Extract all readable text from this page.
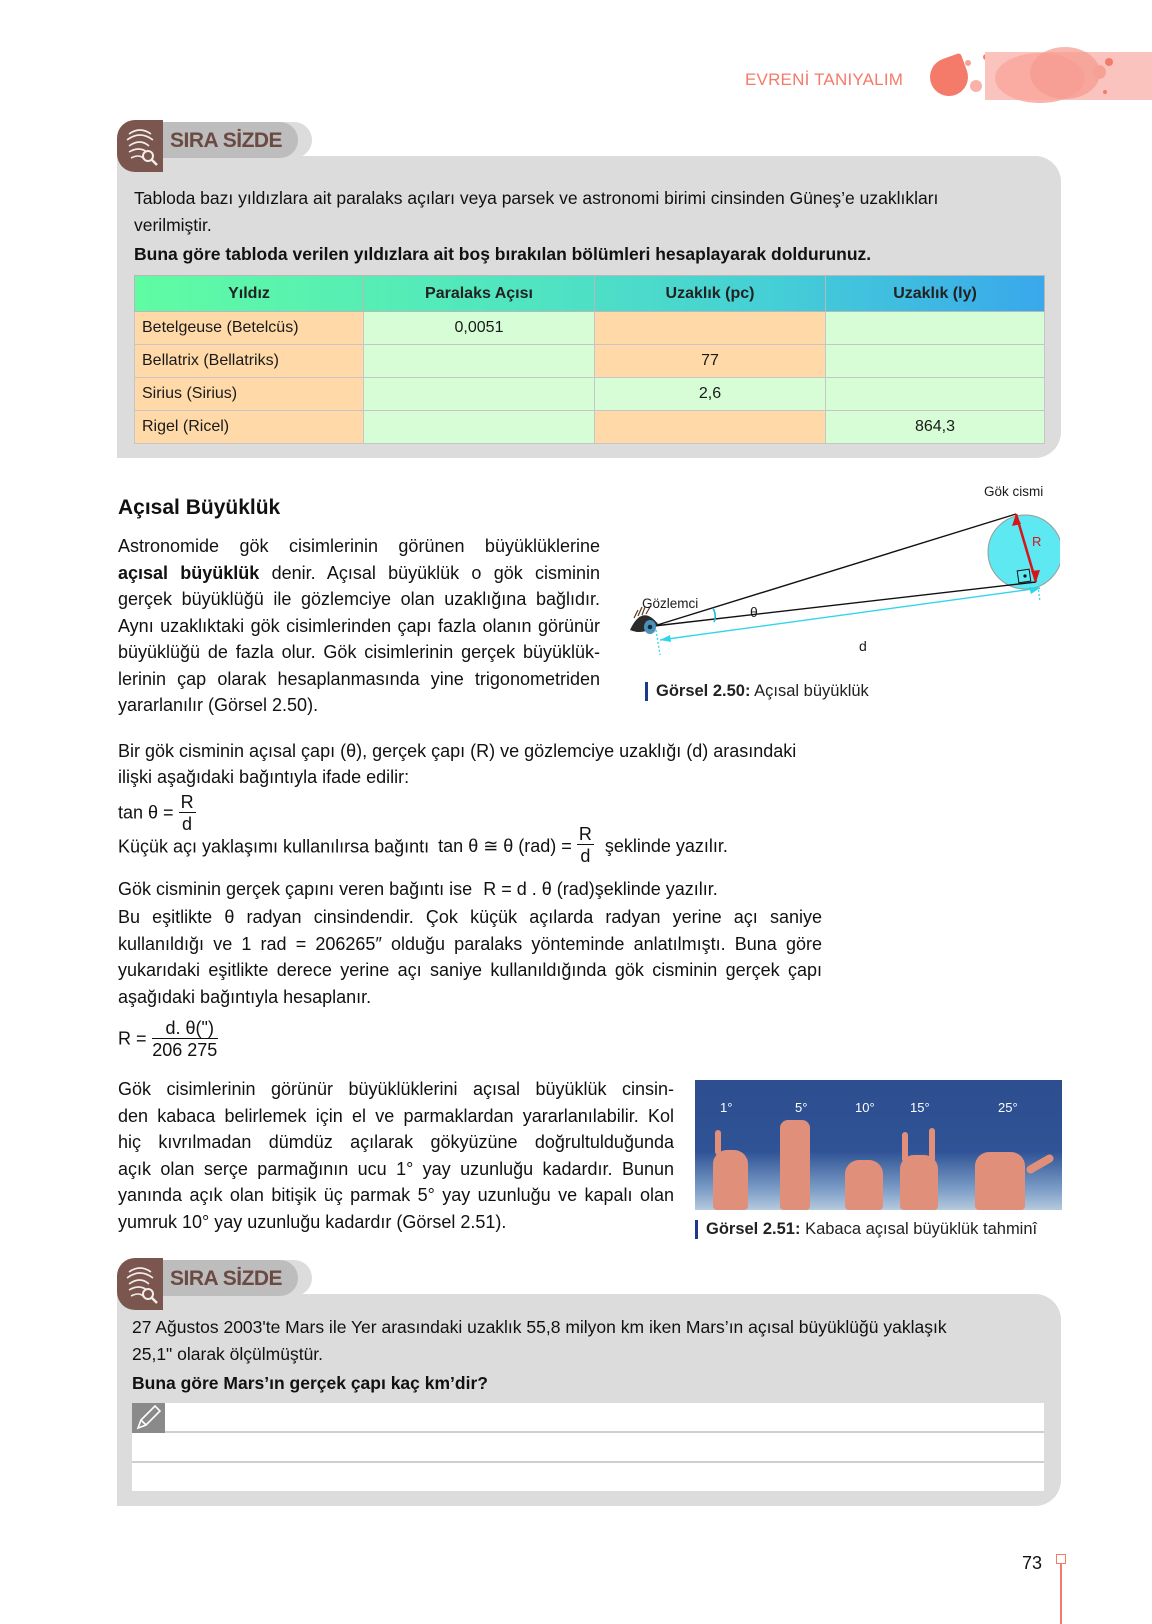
EVRENİ TANIYALIM
SIRA SİZDE
Tabloda bazı yıldızlara ait paralaks açıları veya parsek ve astronomi birimi cinsinden Güneş’e uzaklıkları
verilmiştir.
Buna göre tabloda verilen yıldızlara ait boş bırakılan bölümleri hesaplayarak doldurunuz.
Yıldız	Paralaks Açısı	Uzaklık (pc)	Uzaklık (ly)
Betelgeuse (Betelcüs)	0,0051		
Bellatrix (Bellatriks)		77	
Sirius (Sirius)		2,6	
Rigel (Ricel)			864,3
Açısal Büyüklük
Astronomide gök cisimlerinin görünen büyüklüklerine
açısal büyüklük denir. Açısal büyüklük o gök cisminin
gerçek büyüklüğü ile gözlemciye olan uzaklığına bağlıdır.
Aynı uzaklıktaki gök cisimlerinden çapı fazla olanın görünür
büyüklüğü de fazla olur. Gök cisimlerinin gerçek büyüklük-
lerinin çap olarak hesaplanmasında yine trigonometriden
yararlanılır (Görsel 2.50).
Gök cismi
Gözlemci
θ
R
d
Görsel 2.50: Açısal büyüklük
Bir gök cisminin açısal çapı (θ), gerçek çapı (R) ve gözlemciye uzaklığı (d) arasındaki
ilişki aşağıdaki bağıntıyla ifade edilir:
$\tan \theta = \frac{R}{d}$
Küçük açı yaklaşımı kullanılırsa bağıntı tan θ ≅ θ $(rad) = \frac{R}{d}$ şeklinde yazılır.
Gök cisminin gerçek çapını veren bağıntı ise R = d . θ (rad)şeklinde yazılır.
Bu eşitlikte θ radyan cinsindendir. Çok küçük açılarda radyan yerine açı saniye
kullanıldığı ve 1 rad = 206265″ olduğu paralaks yönteminde anlatılmıştı. Buna göre
yukarıdaki eşitlikte derece yerine açı saniye kullanıldığında gök cisminin gerçek çapı
aşağıdaki bağıntıyla hesaplanır.
$R = \frac{d. \theta(")}{206 275}$
Gök cisimlerinin görünür büyüklüklerini açısal büyüklük cinsin-
den kabaca belirlemek için el ve parmaklardan yararlanılabilir. Kol
hiç kıvrılmadan dümdüz açılarak gökyüzüne doğrultulduğunda
açık olan serçe parmağının ucu 1° yay uzunluğu kadardır. Bunun
yanında açık olan bitişik üç parmak 5° yay uzunluğu ve kapalı olan
yumruk 10° yay uzunluğu kadardır (Görsel 2.51).
1°	5°	10°	15°	25°
Görsel 2.51: Kabaca açısal büyüklük tahminî
SIRA SİZDE
27 Ağustos 2003'te Mars ile Yer arasındaki uzaklık 55,8 milyon km iken Mars’ın açısal büyüklüğü yaklaşık
25,1" olarak ölçülmüştür.
Buna göre Mars’ın gerçek çapı kaç km’dir?
73
